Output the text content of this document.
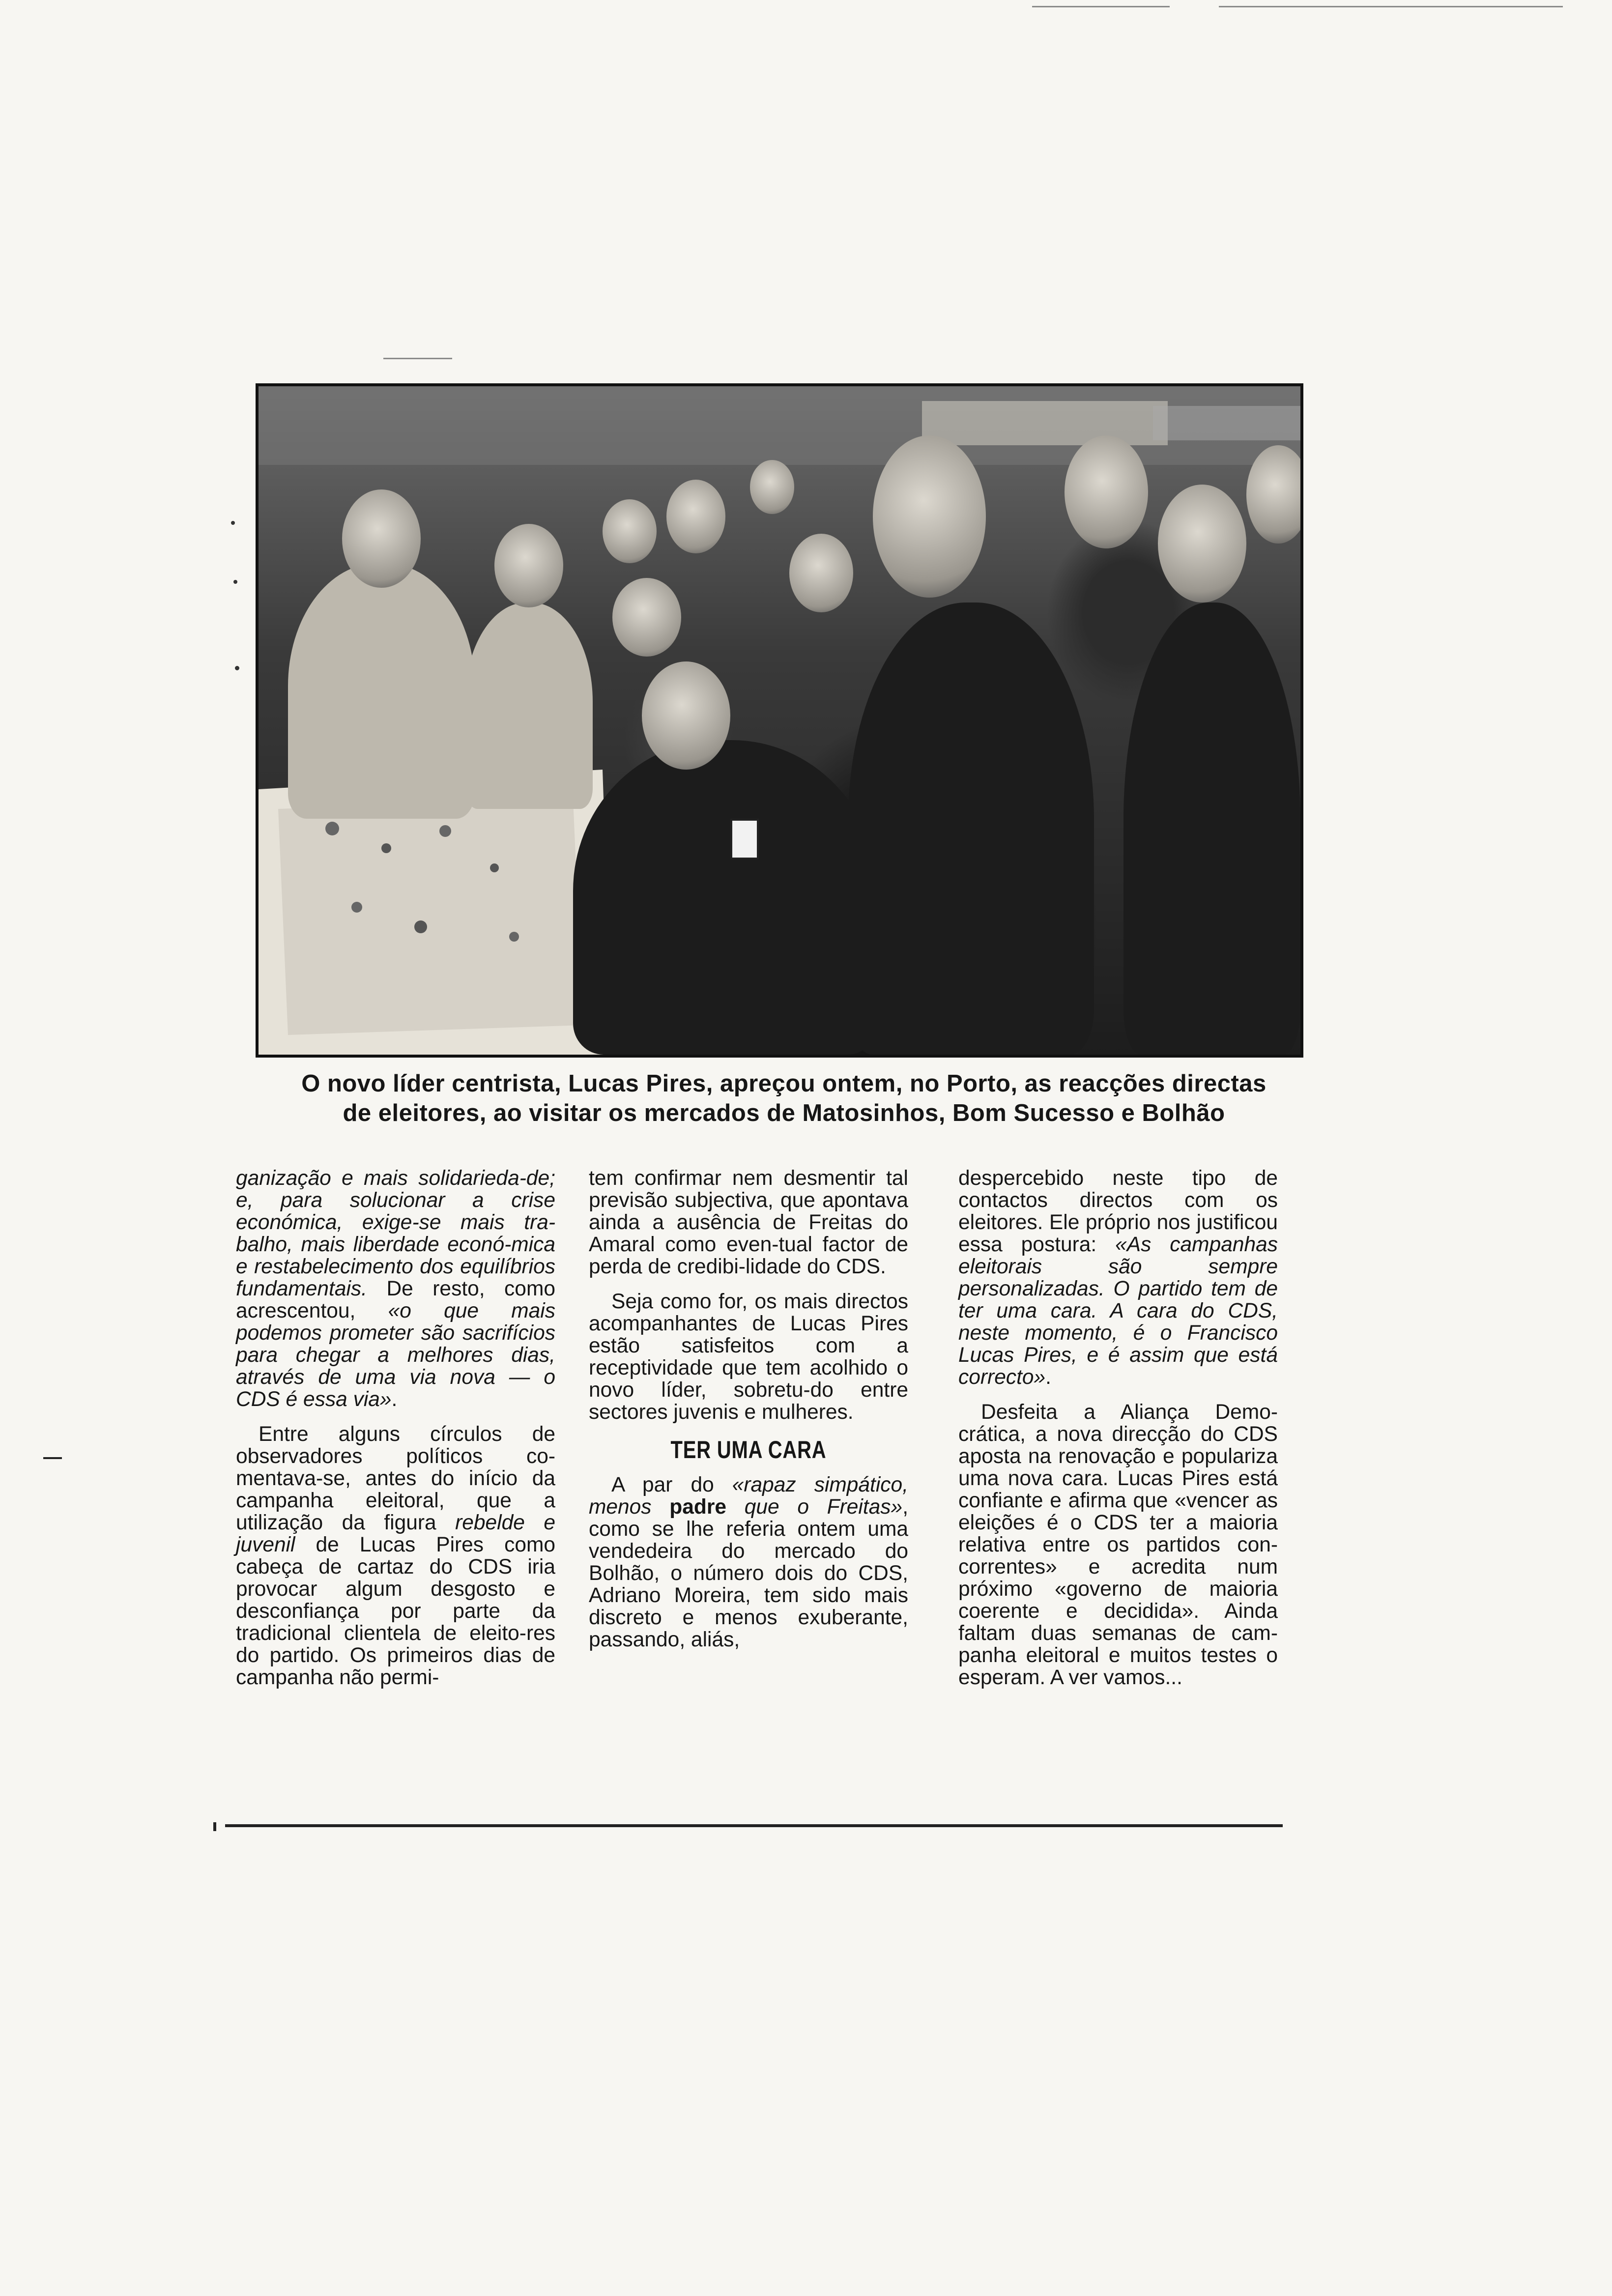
O novo líder centrista, Lucas Pires, apreçou ontem, no Porto, as reacções directas
de eleitores, ao visitar os mercados de Matosinhos, Bom Sucesso e Bolhão

ganização e mais solidarieda-de; e, para solucionar a crise económica, exige-se mais tra-balho, mais liberdade econó-mica e restabelecimento dos equilíbrios fundamentais. De resto, como acrescentou, «o que mais podemos prometer são sacrifícios para chegar a melhores dias, através de uma via nova — o CDS é essa via».

Entre alguns círculos de observadores políticos co-mentava-se, antes do início da campanha eleitoral, que a utilização da figura rebelde e juvenil de Lucas Pires como cabeça de cartaz do CDS iria provocar algum desgosto e desconfiança por parte da tradicional clientela de eleito-res do partido. Os primeiros dias de campanha não permi-

tem confirmar nem desmentir tal previsão subjectiva, que apontava ainda a ausência de Freitas do Amaral como even-tual factor de perda de credibi-lidade do CDS.

Seja como for, os mais directos acompanhantes de Lucas Pires estão satisfeitos com a receptividade que tem acolhido o novo líder, sobretu-do entre sectores juvenis e mulheres.

TER UMA CARA

A par do «rapaz simpático, menos padre que o Freitas», como se lhe referia ontem uma vendedeira do mercado do Bolhão, o número dois do CDS, Adriano Moreira, tem sido mais discreto e menos exuberante, passando, aliás,

despercebido neste tipo de contactos directos com os eleitores. Ele próprio nos justificou essa postura: «As campanhas eleitorais são sempre personalizadas. O partido tem de ter uma cara. A cara do CDS, neste momento, é o Francisco Lucas Pires, e é assim que está correcto».

Desfeita a Aliança Demo-crática, a nova direcção do CDS aposta na renovação e populariza uma nova cara. Lucas Pires está confiante e afirma que «vencer as eleições é o CDS ter a maioria relativa entre os partidos con-correntes» e acredita num próximo «governo de maioria coerente e decidida». Ainda faltam duas semanas de cam-panha eleitoral e muitos testes o esperam. A ver vamos...
